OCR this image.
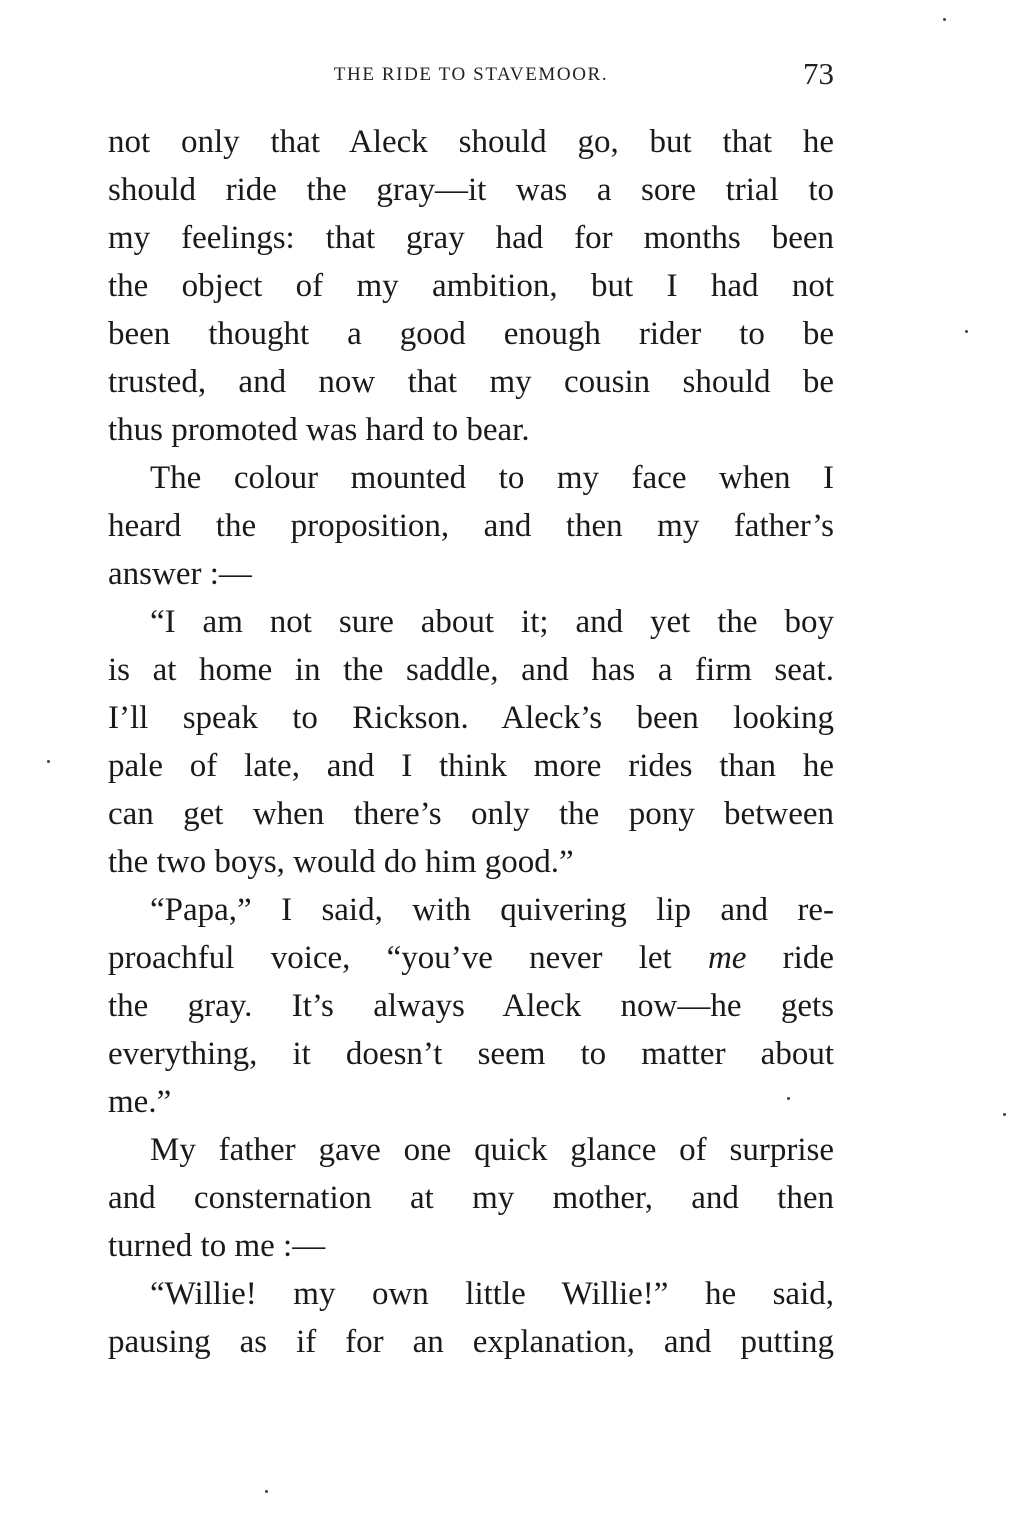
THE RIDE TO STAVEMOOR.	73
not only that Aleck should go, but that he
should ride the gray—it was a sore trial to
my feelings: that gray had for months been
the object of my ambition, but I had not
been thought a good enough rider to be
trusted, and now that my cousin should be
thus promoted was hard to bear.
The colour mounted to my face when I
heard the proposition, and then my father’s
answer :—
“I am not sure about it; and yet the boy
is at home in the saddle, and has a firm seat.
I’ll speak to Rickson. Aleck’s been looking
pale of late, and I think more rides than he
can get when there’s only the pony between
the two boys, would do him good.”
“Papa,” I said, with quivering lip and re-
proachful voice, “you’ve never let me ride
the gray. It’s always Aleck now—he gets
everything, it doesn’t seem to matter about
me.”
My father gave one quick glance of surprise
and consternation at my mother, and then
turned to me :—
“Willie! my own little Willie!” he said,
pausing as if for an explanation, and putting
